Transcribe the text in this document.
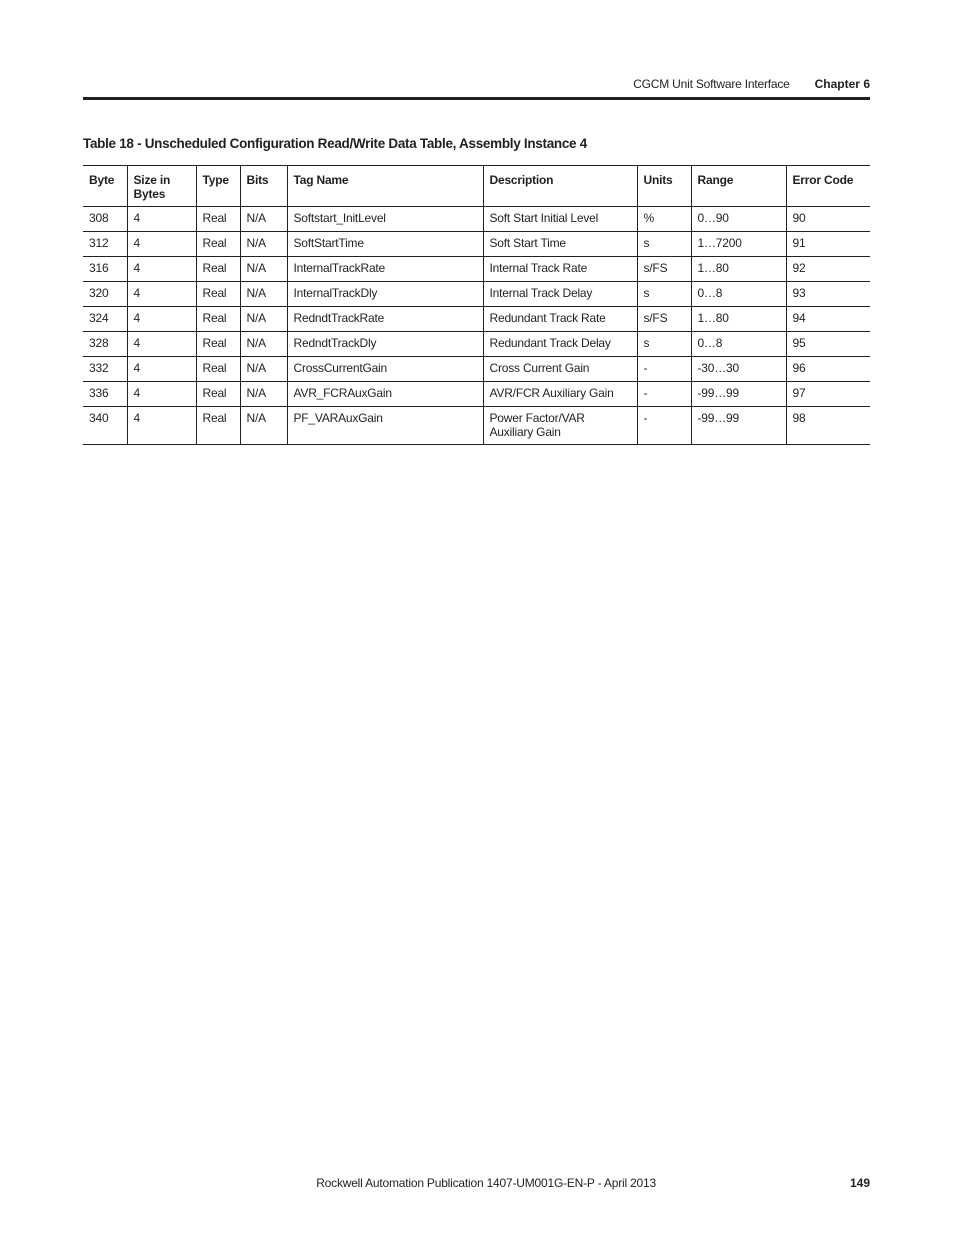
CGCM Unit Software Interface Chapter 6
Table 18 - Unscheduled Configuration Read/Write Data Table, Assembly Instance 4
Byte	Size in Bytes	Type	Bits	Tag Name	Description	Units	Range	Error Code
308	4	Real	N/A	Softstart_InitLevel	Soft Start Initial Level	%	0…90	90
312	4	Real	N/A	SoftStartTime	Soft Start Time	s	1…7200	91
316	4	Real	N/A	InternalTrackRate	Internal Track Rate	s/FS	1…80	92
320	4	Real	N/A	InternalTrackDly	Internal Track Delay	s	0…8	93
324	4	Real	N/A	RedndtTrackRate	Redundant Track Rate	s/FS	1…80	94
328	4	Real	N/A	RedndtTrackDly	Redundant Track Delay	s	0…8	95
332	4	Real	N/A	CrossCurrentGain	Cross Current Gain	-	-30…30	96
336	4	Real	N/A	AVR_FCRAuxGain	AVR/FCR Auxiliary Gain	-	-99…99	97
340	4	Real	N/A	PF_VARAuxGain	Power Factor/VAR Auxiliary Gain	-	-99…99	98
Rockwell Automation Publication 1407-UM001G-EN-P - April 2013	149
